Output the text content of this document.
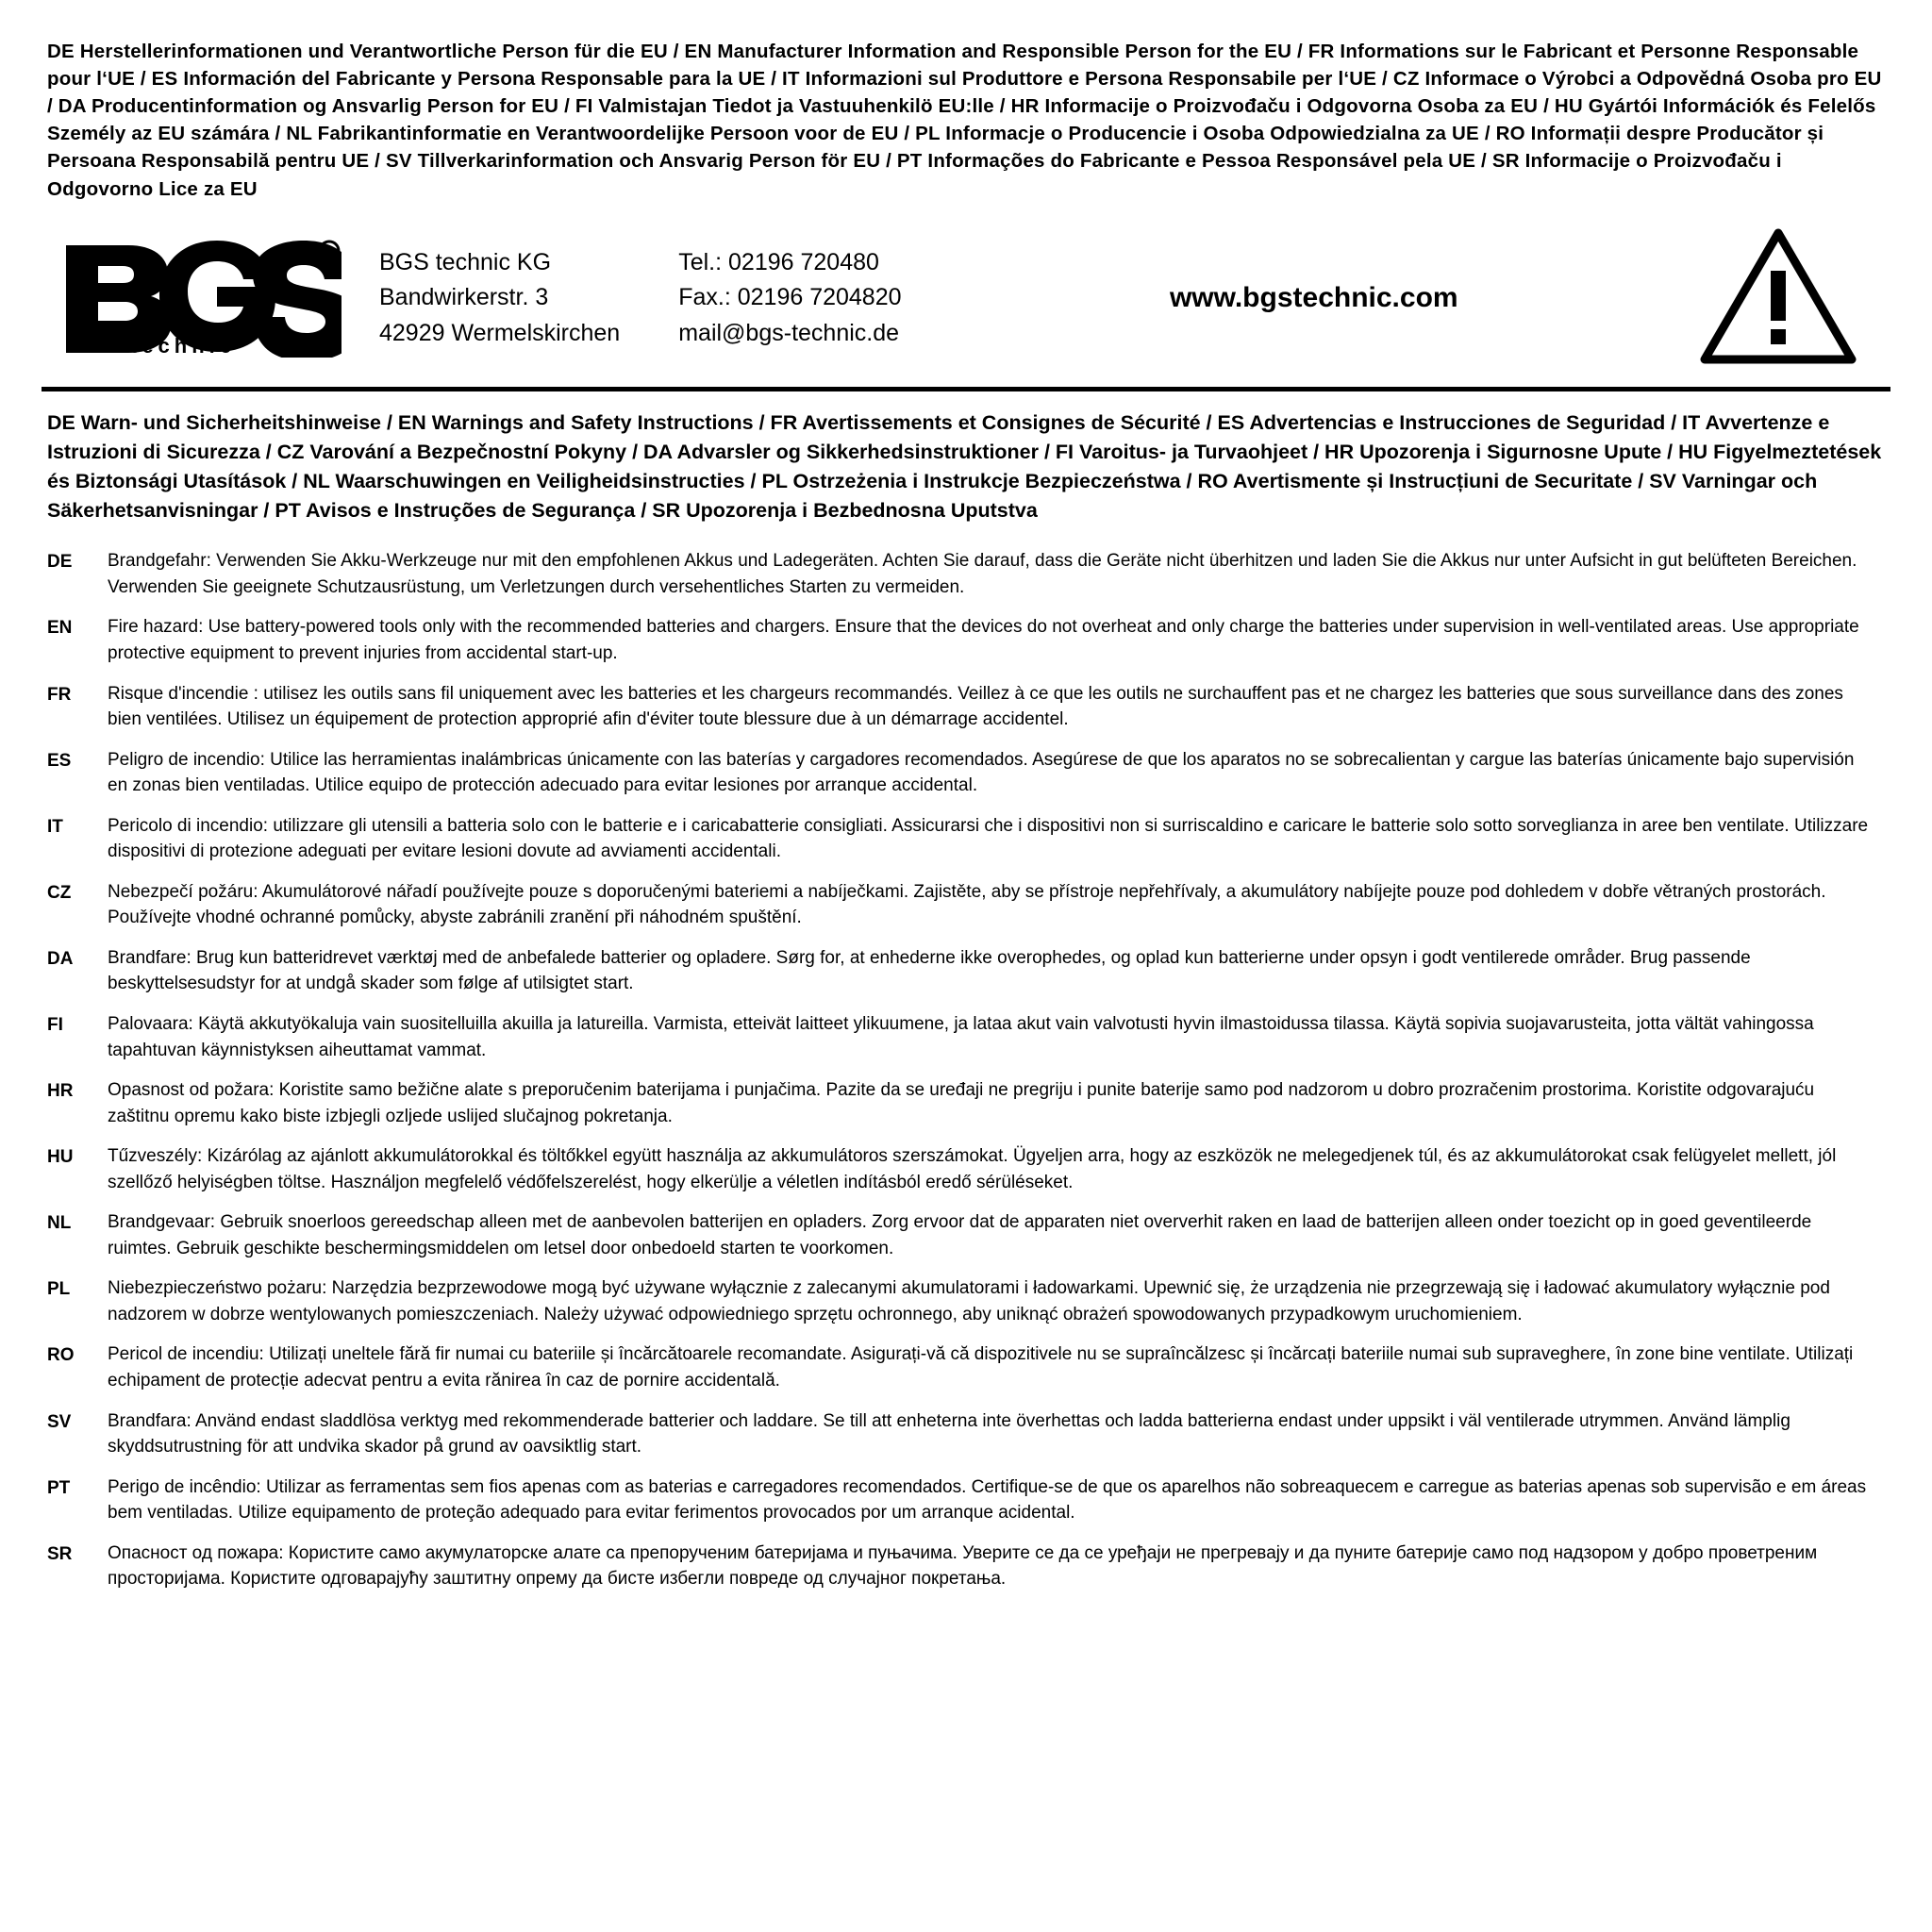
DE Herstellerinformationen und Verantwortliche Person für die EU / EN Manufacturer Information and Responsible Person for the EU / FR Informations sur le Fabricant et Personne Responsable pour l‘UE / ES Información del Fabricante y Persona Responsable para la UE / IT Informazioni sul Produttore e Persona Responsabile per l‘UE / CZ Informace o Výrobci a Odpovědná Osoba pro EU / DA Producentinformation og Ansvarlig Person for EU / FI Valmistajan Tiedot ja Vastuuhenkilö EU:lle / HR Informacije o Proizvođaču i Odgovorna Osoba za EU / HU Gyártói Információk és Felelős Személy az EU számára / NL Fabrikantinformatie en Verantwoordelijke Persoon voor de EU / PL Informacje o Producencie i Osoba Odpowiedzialna za UE / RO Informații despre Producător și Persoana Responsabilă pentru UE / SV Tillverkarinformation och Ansvarig Person för EU / PT Informações do Fabricante e Pessoa Responsável pela UE / SR Informacije o Proizvođaču i Odgovorno Lice za EU
R
technic
BGS technic KG
Bandwirkerstr. 3
42929 Wermelskirchen
Tel.: 02196 720480
Fax.: 02196 7204820
mail@bgs-technic.de
www.bgstechnic.com
DE Warn- und Sicherheitshinweise / EN Warnings and Safety Instructions / FR Avertissements et Consignes de Sécurité / ES Advertencias e Instrucciones de Seguridad / IT Avvertenze e Istruzioni di Sicurezza / CZ Varování a Bezpečnostní Pokyny / DA Advarsler og Sikkerhedsinstruktioner / FI Varoitus- ja Turvaohjeet / HR Upozorenja i Sigurnosne Upute / HU Figyelmeztetések és Biztonsági Utasítások / NL Waarschuwingen en Veiligheidsinstructies / PL Ostrzeżenia i Instrukcje Bezpieczeństwa / RO Avertismente și Instrucțiuni de Securitate / SV Varningar och Säkerhetsanvisningar / PT Avisos e Instruções de Segurança / SR Upozorenja i Bezbednosna Uputstva
DE	Brandgefahr: Verwenden Sie Akku-Werkzeuge nur mit den empfohlenen Akkus und Ladegeräten. Achten Sie darauf, dass die Geräte nicht überhitzen und laden Sie die Akkus nur unter Aufsicht in gut belüfteten Bereichen. Verwenden Sie geeignete Schutzausrüstung, um Verletzungen durch versehentliches Starten zu vermeiden.
EN	Fire hazard: Use battery-powered tools only with the recommended batteries and chargers. Ensure that the devices do not overheat and only charge the batteries under supervision in well-ventilated areas. Use appropriate protective equipment to prevent injuries from accidental start-up.
FR	Risque d'incendie : utilisez les outils sans fil uniquement avec les batteries et les chargeurs recommandés. Veillez à ce que les outils ne surchauffent pas et ne chargez les batteries que sous surveillance dans des zones bien ventilées. Utilisez un équipement de protection approprié afin d'éviter toute blessure due à un démarrage accidentel.
ES	Peligro de incendio: Utilice las herramientas inalámbricas únicamente con las baterías y cargadores recomendados. Asegúrese de que los aparatos no se sobrecalientan y cargue las baterías únicamente bajo supervisión en zonas bien ventiladas. Utilice equipo de protección adecuado para evitar lesiones por arranque accidental.
IT	Pericolo di incendio: utilizzare gli utensili a batteria solo con le batterie e i caricabatterie consigliati. Assicurarsi che i dispositivi non si surriscaldino e caricare le batterie solo sotto sorveglianza in aree ben ventilate. Utilizzare dispositivi di protezione adeguati per evitare lesioni dovute ad avviamenti accidentali.
CZ	Nebezpečí požáru: Akumulátorové nářadí používejte pouze s doporučenými bateriemi a nabíječkami. Zajistěte, aby se přístroje nepřehřívaly, a akumulátory nabíjejte pouze pod dohledem v dobře větraných prostorách. Používejte vhodné ochranné pomůcky, abyste zabránili zranění při náhodném spuštění.
DA	Brandfare: Brug kun batteridrevet værktøj med de anbefalede batterier og opladere. Sørg for, at enhederne ikke overophedes, og oplad kun batterierne under opsyn i godt ventilerede områder. Brug passende beskyttelsesudstyr for at undgå skader som følge af utilsigtet start.
FI	Palovaara: Käytä akkutyökaluja vain suositelluilla akuilla ja latureilla. Varmista, etteivät laitteet ylikuumene, ja lataa akut vain valvotusti hyvin ilmastoidussa tilassa. Käytä sopivia suojavarusteita, jotta vältät vahingossa tapahtuvan käynnistyksen aiheuttamat vammat.
HR	Opasnost od požara: Koristite samo bežične alate s preporučenim baterijama i punjačima. Pazite da se uređaji ne pregriju i punite baterije samo pod nadzorom u dobro prozračenim prostorima. Koristite odgovarajuću zaštitnu opremu kako biste izbjegli ozljede uslijed slučajnog pokretanja.
HU	Tűzveszély: Kizárólag az ajánlott akkumulátorokkal és töltőkkel együtt használja az akkumulátoros szerszámokat. Ügyeljen arra, hogy az eszközök ne melegedjenek túl, és az akkumulátorokat csak felügyelet mellett, jól szellőző helyiségben töltse. Használjon megfelelő védőfelszerelést, hogy elkerülje a véletlen indításból eredő sérüléseket.
NL	Brandgevaar: Gebruik snoerloos gereedschap alleen met de aanbevolen batterijen en opladers. Zorg ervoor dat de apparaten niet oververhit raken en laad de batterijen alleen onder toezicht op in goed geventileerde ruimtes. Gebruik geschikte beschermingsmiddelen om letsel door onbedoeld starten te voorkomen.
PL	Niebezpieczeństwo pożaru: Narzędzia bezprzewodowe mogą być używane wyłącznie z zalecanymi akumulatorami i ładowarkami. Upewnić się, że urządzenia nie przegrzewają się i ładować akumulatory wyłącznie pod nadzorem w dobrze wentylowanych pomieszczeniach. Należy używać odpowiedniego sprzętu ochronnego, aby uniknąć obrażeń spowodowanych przypadkowym uruchomieniem.
RO	Pericol de incendiu: Utilizați uneltele fără fir numai cu bateriile și încărcătoarele recomandate. Asigurați-vă că dispozitivele nu se supraîncălzesc și încărcați bateriile numai sub supraveghere, în zone bine ventilate. Utilizați echipament de protecție adecvat pentru a evita rănirea în caz de pornire accidentală.
SV	Brandfara: Använd endast sladdlösa verktyg med rekommenderade batterier och laddare. Se till att enheterna inte överhettas och ladda batterierna endast under uppsikt i väl ventilerade utrymmen. Använd lämplig skyddsutrustning för att undvika skador på grund av oavsiktlig start.
PT	Perigo de incêndio: Utilizar as ferramentas sem fios apenas com as baterias e carregadores recomendados. Certifique-se de que os aparelhos não sobreaquecem e carregue as baterias apenas sob supervisão e em áreas bem ventiladas. Utilize equipamento de proteção adequado para evitar ferimentos provocados por um arranque acidental.
SR	Опасност од пожара: Користите само акумулаторске алате са препорученим батеријама и пуњачима. Уверите се да се уређаји не прегревају и да пуните батерије само под надзором у добро проветреним просторијама. Користите одговарајућу заштитну опрему да бисте избегли повреде од случајног покретања.
